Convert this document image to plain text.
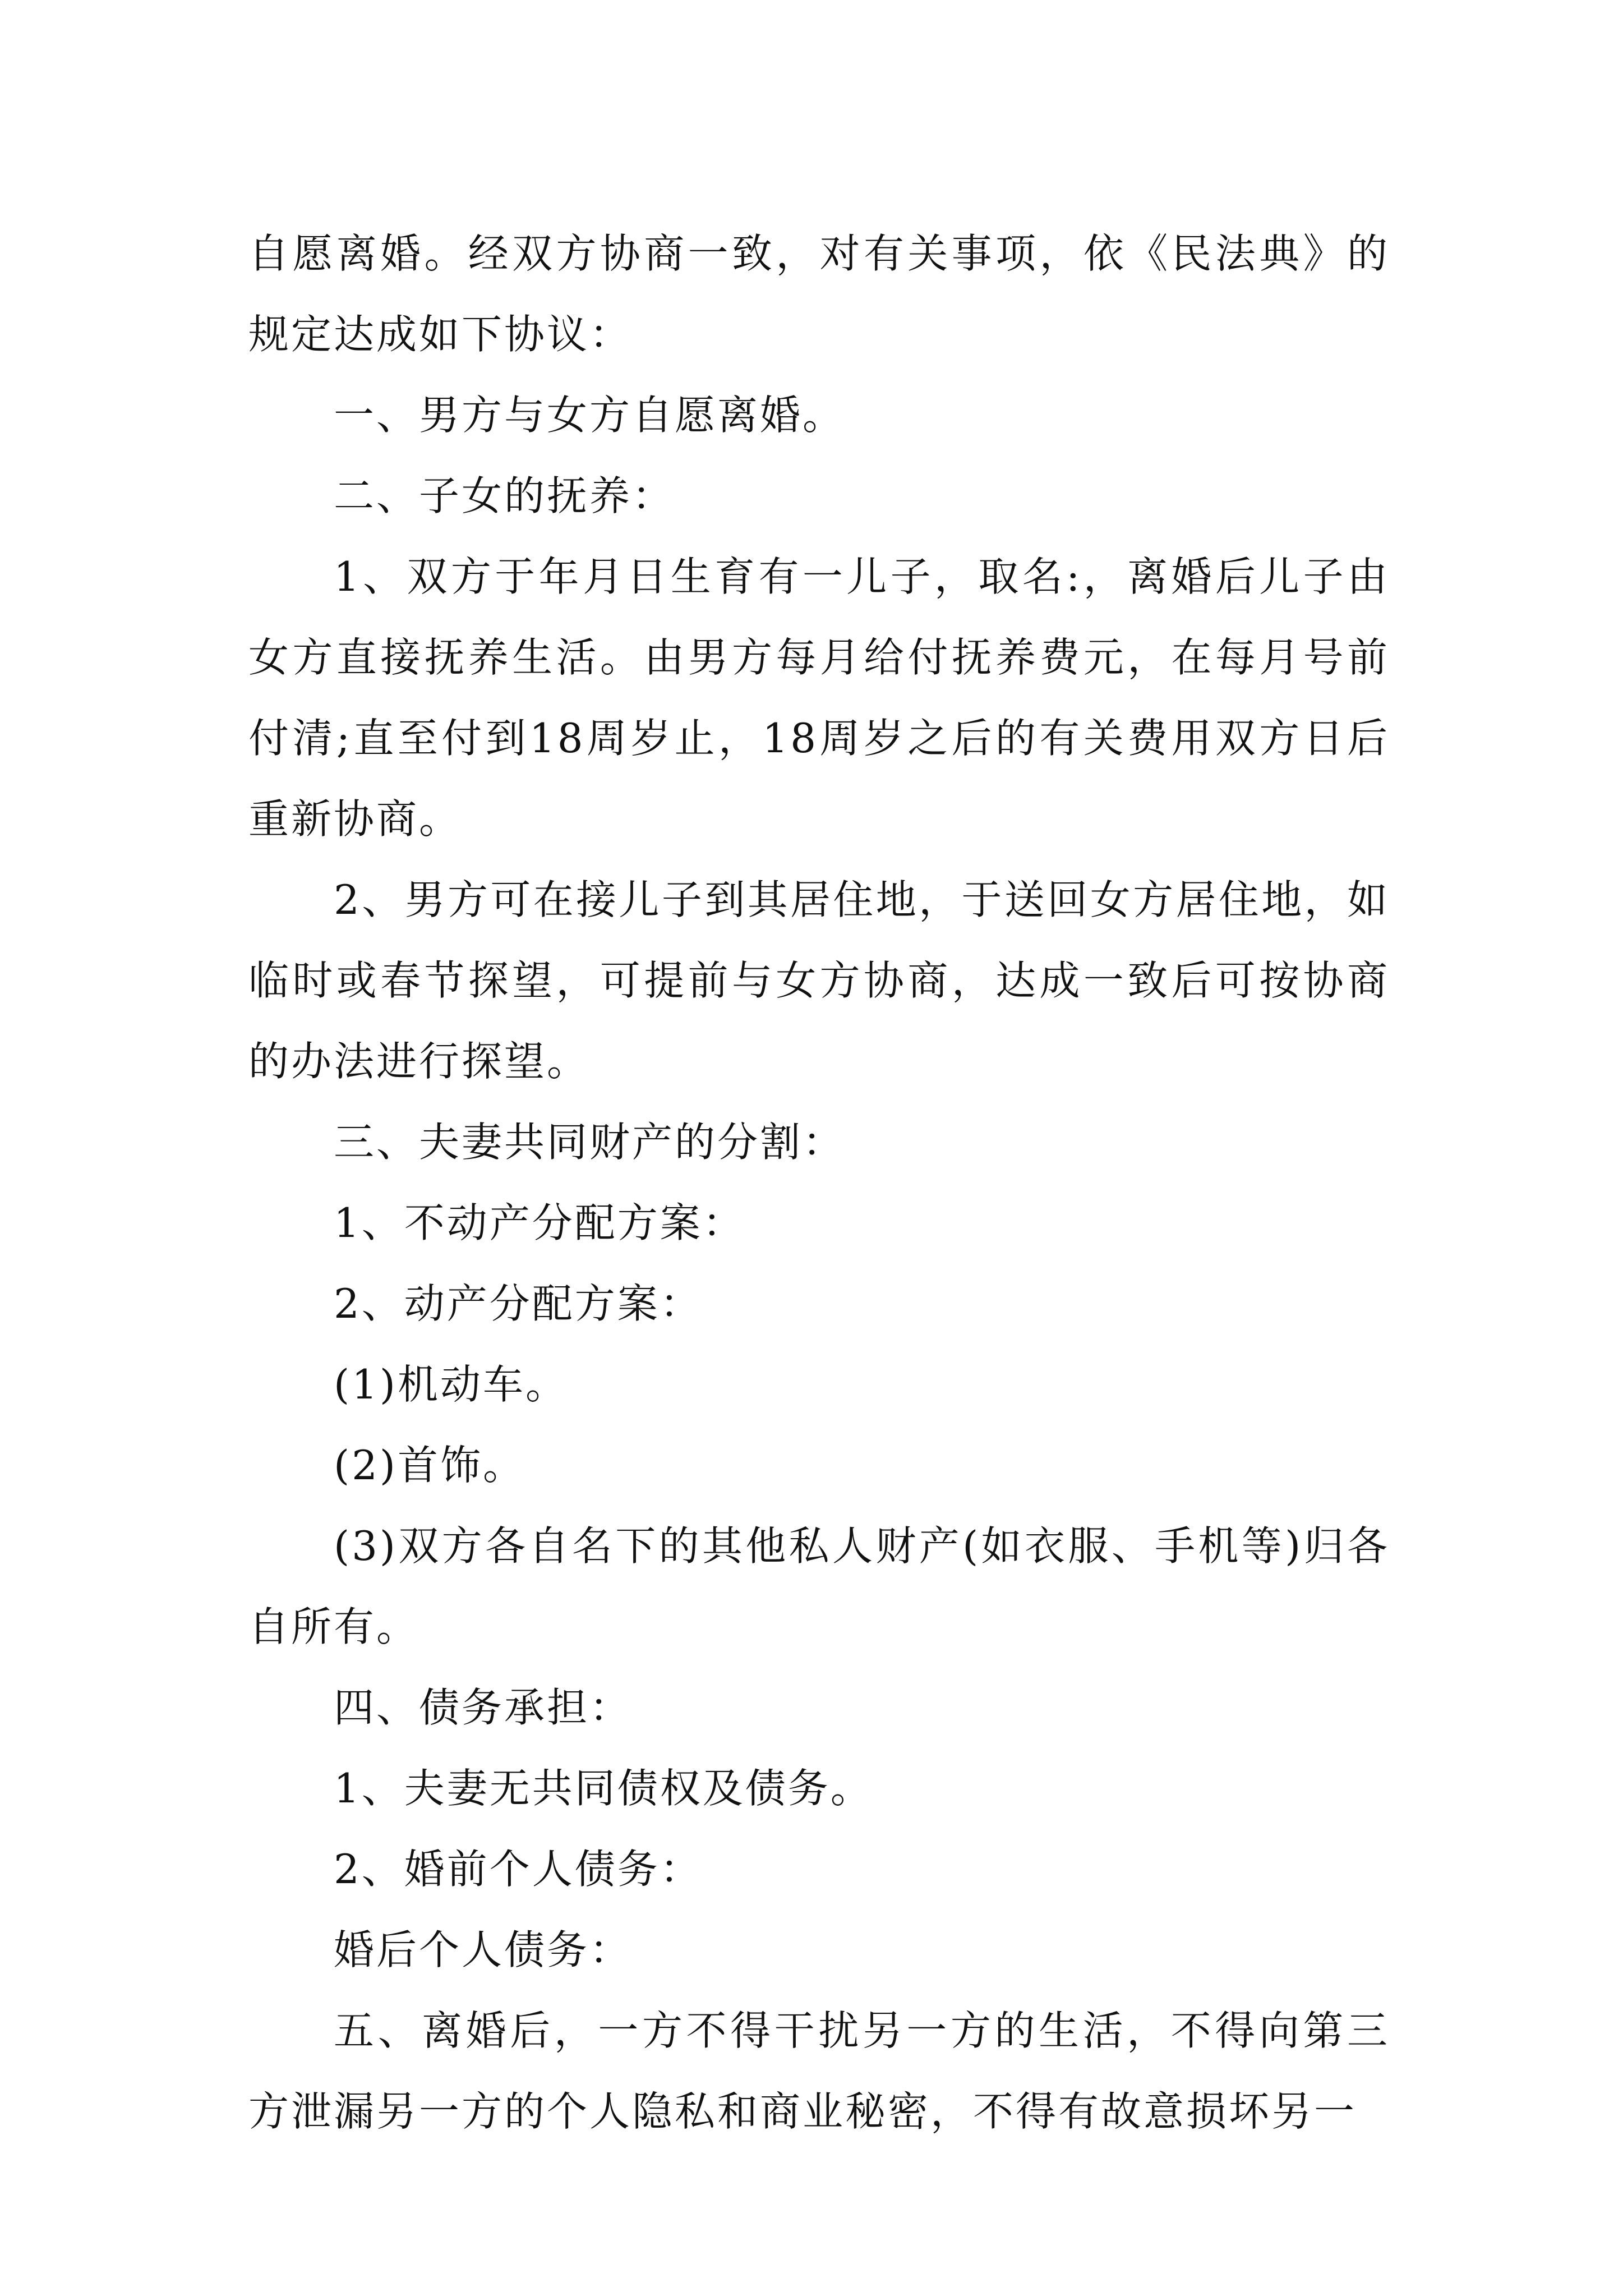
自愿离婚。经双方协商一致，对有关事项，依《民法典》的规定达成如下协议：

一、男方与女方自愿离婚。

二、子女的抚养：

1、双方于年月日生育有一儿子，取名:，离婚后儿子由女方直接抚养生活。由男方每月给付抚养费元，在每月号前付清;直至付到18周岁止，18周岁之后的有关费用双方日后重新协商。

2、男方可在接儿子到其居住地，于送回女方居住地，如临时或春节探望，可提前与女方协商，达成一致后可按协商的办法进行探望。

三、夫妻共同财产的分割：

1、不动产分配方案：

2、动产分配方案：

(1)机动车。

(2)首饰。

(3)双方各自名下的其他私人财产(如衣服、手机等)归各自所有。

四、债务承担：

1、夫妻无共同债权及债务。

2、婚前个人债务：

婚后个人债务：

五、离婚后，一方不得干扰另一方的生活，不得向第三方泄漏另一方的个人隐私和商业秘密，不得有故意损坏另一
